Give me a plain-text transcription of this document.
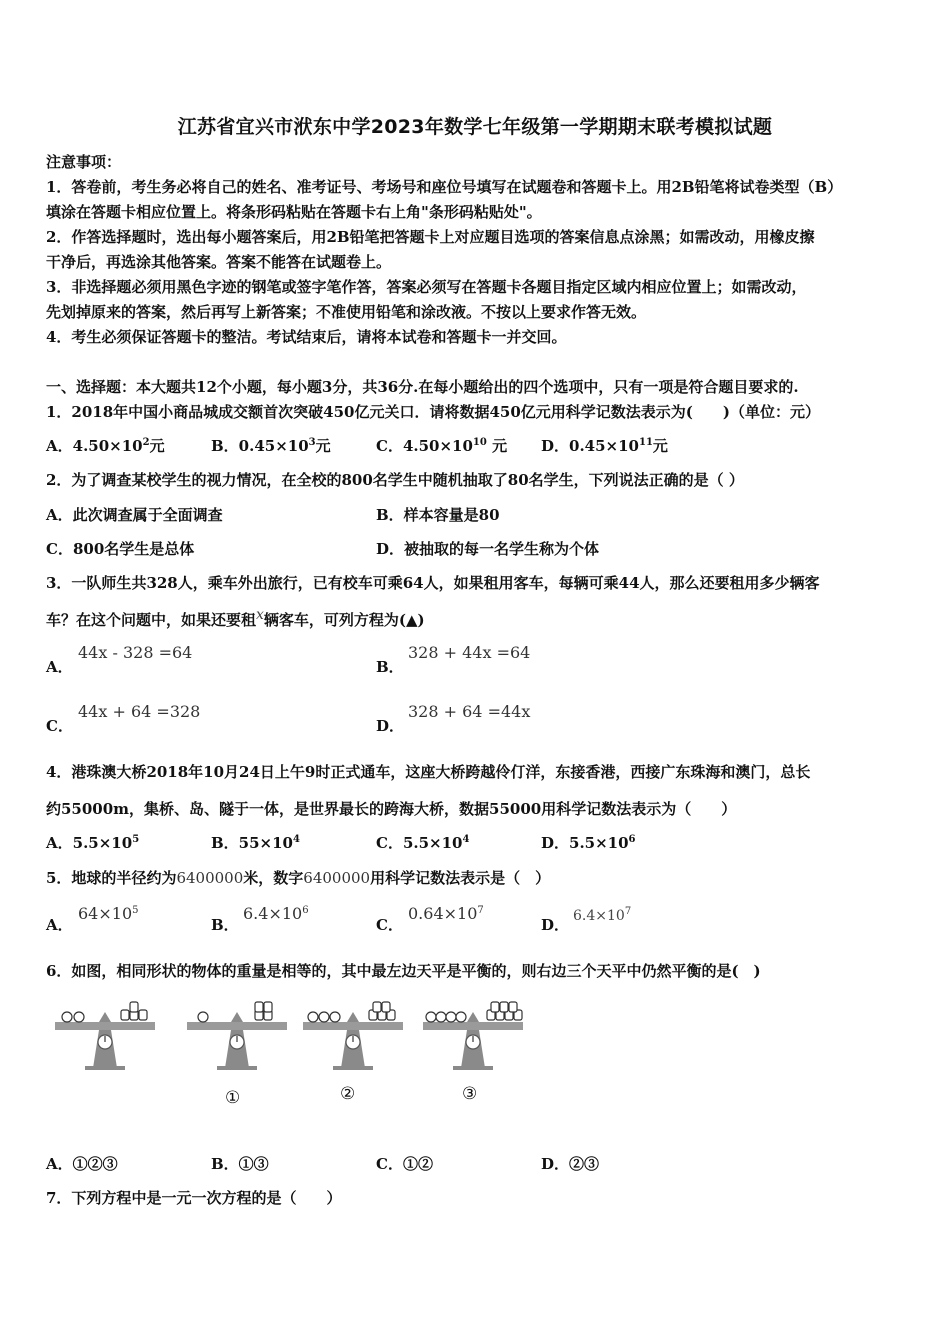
江苏省宜兴市洑东中学2023年数学七年级第一学期期末联考模拟试题
注意事项：
1．答卷前，考生务必将自己的姓名、准考证号、考场号和座位号填写在试题卷和答题卡上。用2B铅笔将试卷类型（B）
填涂在答题卡相应位置上。将条形码粘贴在答题卡右上角"条形码粘贴处"。
2．作答选择题时，选出每小题答案后，用2B铅笔把答题卡上对应题目选项的答案信息点涂黑；如需改动，用橡皮擦
干净后，再选涂其他答案。答案不能答在试题卷上。
3．非选择题必须用黑色字迹的钢笔或签字笔作答，答案必须写在答题卡各题目指定区域内相应位置上；如需改动，
先划掉原来的答案，然后再写上新答案；不准使用铅笔和涂改液。不按以上要求作答无效。
4．考生必须保证答题卡的整洁。考试结束后，请将本试卷和答题卡一并交回。
一、选择题：本大题共12个小题，每小题3分，共36分.在每小题给出的四个选项中，只有一项是符合题目要求的.
1．2018年中国小商品城成交额首次突破450亿元关口．请将数据450亿元用科学记数法表示为(　　)（单位：元）
A．$4.50\times 10^2$元	B．$0.45\times 10^3$元	C．$4.50\times 10^{10}$ 元 D．$0.45\times 10^{11}$元
2．为了调查某校学生的视力情况，在全校的800名学生中随机抽取了80名学生，下列说法正确的是（ ）
A．此次调查属于全面调查	B．样本容量是80
C．800名学生是总体	D．被抽取的每一名学生称为个体
3．一队师生共328人，乘车外出旅行，已有校车可乘64人，如果租用客车，每辆可乘44人，那么还要租用多少辆客
车？在这个问题中，如果还要租$^x$辆客车，可列方程为(▲)
A．
44x - 328 =64
B．
328 + 44x =64
C．
44x + 64 =328
D．
328 + 64 =44x
4．港珠澳大桥2018年10月24日上午9时正式通车，这座大桥跨越伶仃洋，东接香港，西接广东珠海和澳门，总长
约55000m，集桥、岛、隧于一体，是世界最长的跨海大桥，数据55000用科学记数法表示为（　　）
A．$5.5\times 10^5$	B．$55\times 10^4$	C．$5.5\times 10^4$	D．$5.5\times 10^6$
5．地球的半径约为6400000米，数字6400000用科学记数法表示是（　）
A．
$64\times 10^5$
B．
$6.4\times 10^6$
C．
$0.64\times 10^7$
D． $6.4\times 10^7$
6．如图，相同形状的物体的重量是相等的，其中最左边天平是平衡的，则右边三个天平中仍然平衡的是(　)
①	②	③
A．①②③	B．①③	C．①②	D．②③
7．下列方程中是一元一次方程的是（　　）
